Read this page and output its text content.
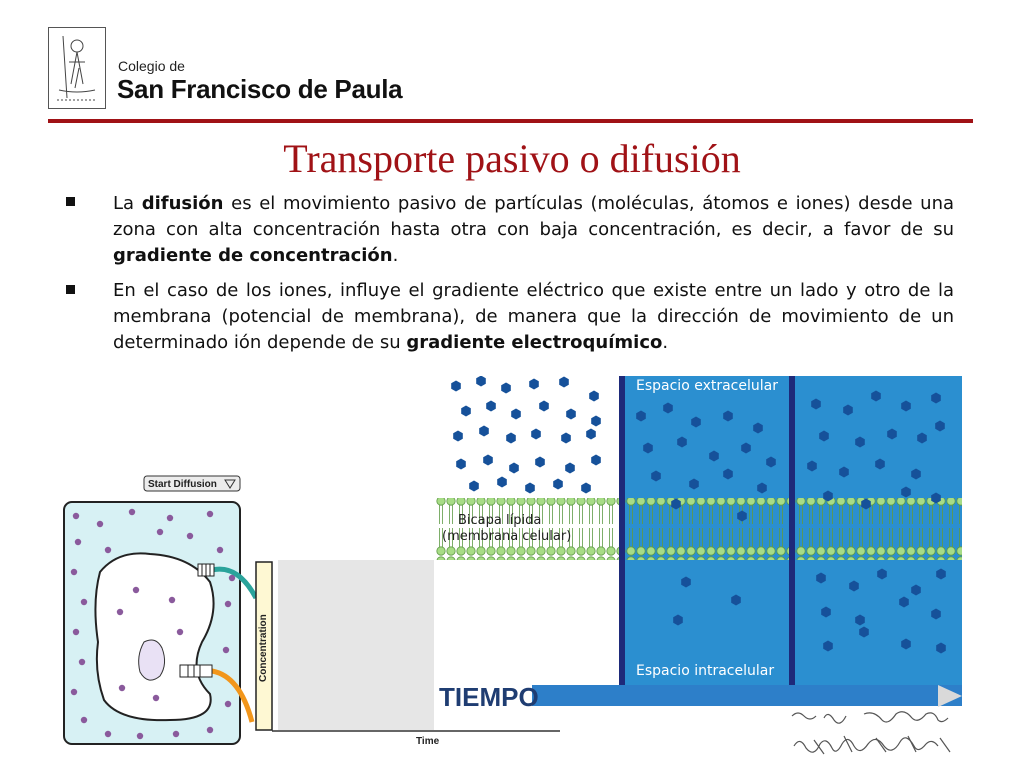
Colegio de
San Francisco de Paula
Transporte pasivo o difusión
La difusión es el movimiento pasivo de partículas (moléculas, átomos e iones) desde una zona con alta concentración hasta otra con baja concentración, es decir, a favor de su gradiente de concentración.
En el caso de los iones, influye el gradiente eléctrico que existe entre un lado y otro de la membrana (potencial de membrana), de manera que la dirección de movimiento de un determinado ión depende de su gradiente electroquímico.
Espacio extracelular
Espacio intracelular
Bicapa lípida
(membrana celular)
TIEMPO
Start Diffusion
Concentration
Time
